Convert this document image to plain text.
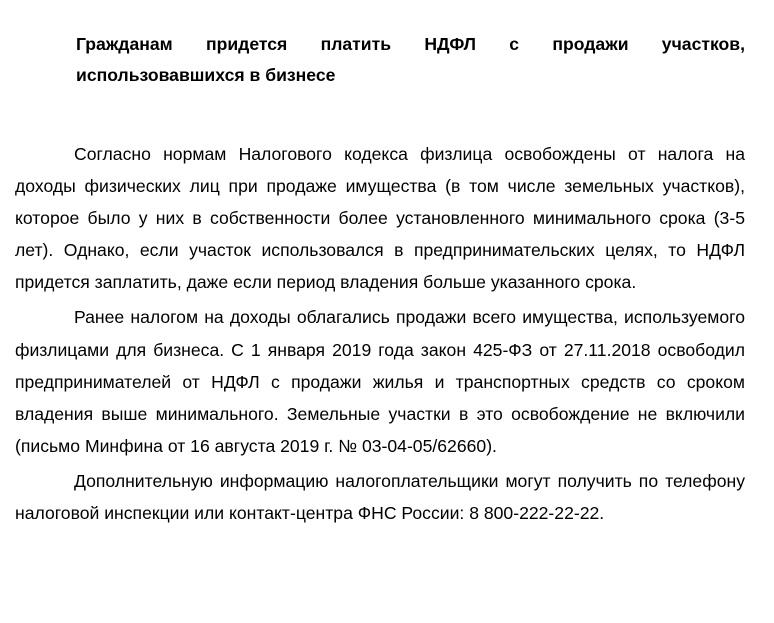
Гражданам придется платить НДФЛ с продажи участков, использовавшихся в бизнесе

Согласно нормам Налогового кодекса физлица освобождены от налога на доходы физических лиц при продаже имущества (в том числе земельных участков), которое было у них в собственности более установленного минимального срока (3-5 лет). Однако, если участок использовался в предпринимательских целях, то НДФЛ придется заплатить, даже если период владения больше указанного срока.

Ранее налогом на доходы облагались продажи всего имущества, используемого физлицами для бизнеса. С 1 января 2019 года закон 425-ФЗ от 27.11.2018 освободил предпринимателей от НДФЛ с продажи жилья и транспортных средств со сроком владения выше минимального. Земельные участки в это освобождение не включили (письмо Минфина от 16 августа 2019 г. № 03-04-05/62660).

Дополнительную информацию налогоплательщики могут получить по телефону налоговой инспекции или контакт-центра ФНС России: 8 800-222-22-22.
